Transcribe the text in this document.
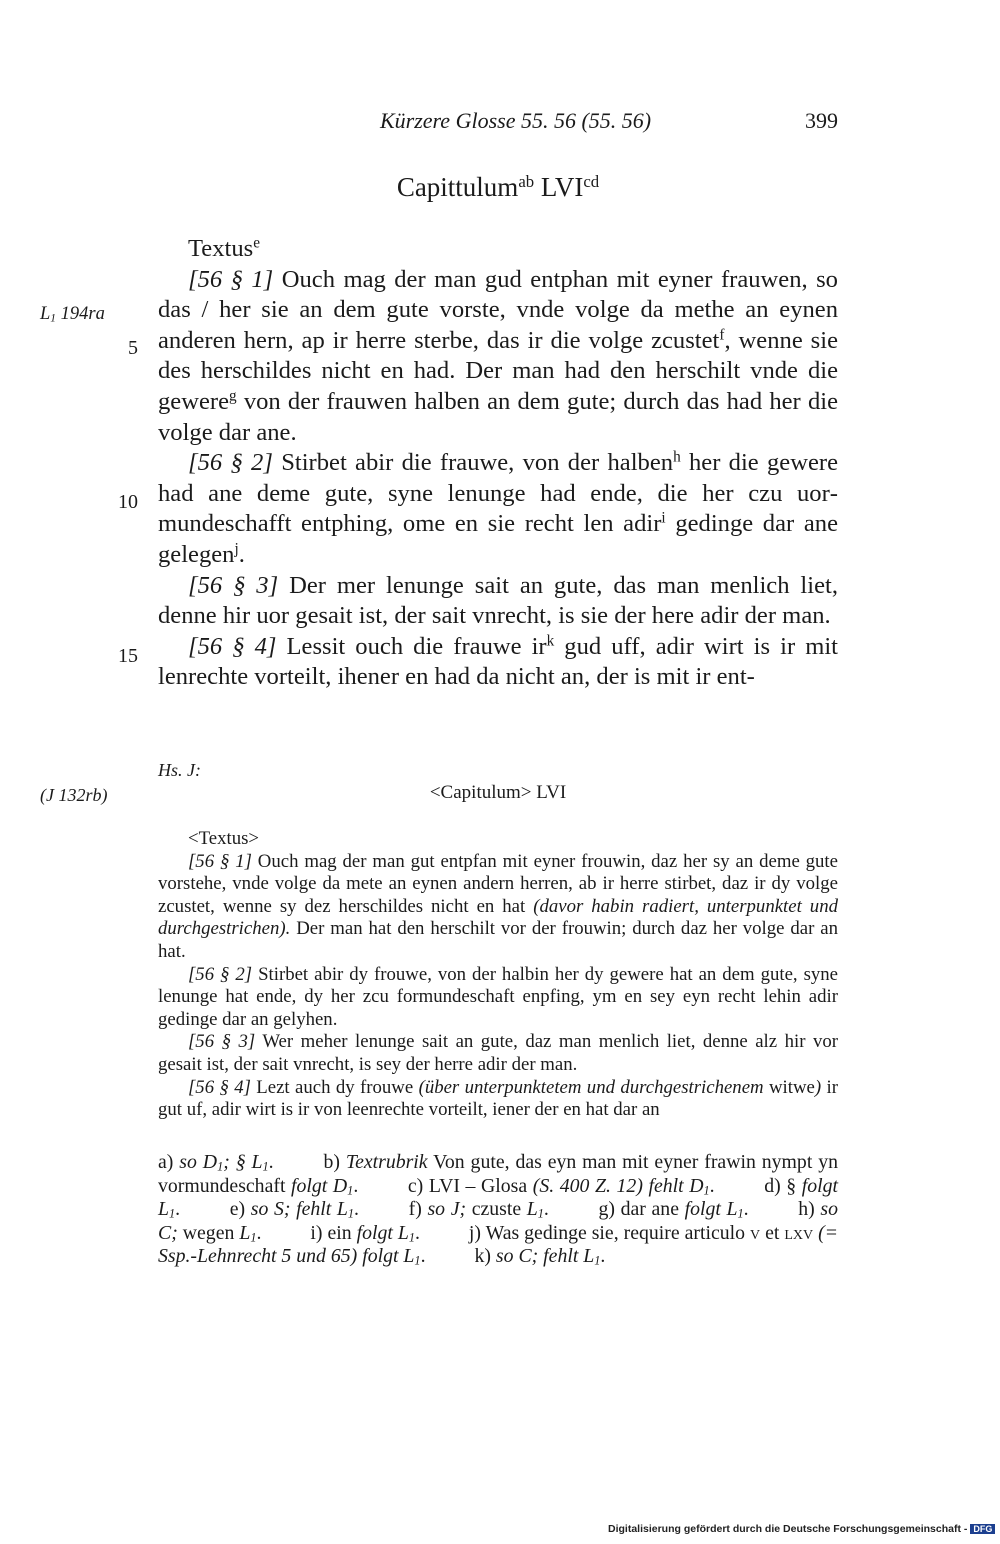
Kürzere Glosse 55. 56 (55. 56)	399
Capittulum$^{ab}$ $LVI^{cd}$
$L_1$ 194ra
5
10
15

Textus$^e$

[56 § 1] Ouch mag der man gud entphan mit eyner frauwen, so das / her sie an dem gute vorste, vnde volge da methe an eynen anderen hern, ap ir herre sterbe, das ir die volge zcustet$^f$, wenne sie des herschildes nicht en had. Der man had den herschilt vnde die gewere$^g$ von der frauwen halben an dem gute; durch das had her die volge dar ane.

[56 § 2] Stirbet abir die frauwe, von der halben$^h$ her die gewere had ane deme gute, syne lenunge had ende, die her czu uormundeschafft entphing, ome en sie recht len adir$^i$ gedinge dar ane gelegen$^j$.

[56 § 3] Der mer lenunge sait an gute, das man menlich liet, denne hir uor gesait ist, der sait vnrecht, is sie der here adir der man.

[56 § 4] Lessit ouch die frauwe $ir^k$ gud uff, adir wirt is ir mit lenrechte vorteilt, ihener en had da nicht an, der is mit ir ent-

Hs. J:
(J 132rb)	<Capitulum> LVI

<Textus>

[56 § 1] Ouch mag der man gut entpfan mit eyner frouwin, daz her sy an deme gute vorstehe, vnde volge da mete an eynen andern herren, ab ir herre stirbet, daz ir dy volge zcustet, wenne sy dez herschildes nicht en hat (davor habin radiert, unterpunktet und durchgestrichen). Der man hat den herschilt vor der frouwin; durch daz her volge dar an hat.

[56 § 2] Stirbet abir dy frouwe, von der halbin her dy gewere hat an dem gute, syne lenunge hat ende, dy her zcu formundeschaft enpfing, ym en sey eyn recht lehin adir gedinge dar an gelyhen.

[56 § 3] Wer meher lenunge sait an gute, daz man menlich liet, denne alz hir vor gesait ist, der sait vnrecht, is sey der herre adir der man.

[56 § 4] Lezt auch dy frouwe (über unterpunktetem und durchgestrichenem witwe) ir gut uf, adir wirt is ir von leenrechte vorteilt, iener der en hat dar an

a) so $D_1$; § $L_1$.	b) Textrubrik Von gute, das eyn man mit eyner frawin nympt yn vormundeschaft folgt $D_1$.	c) LVI – Glosa (S. 400 Z. 12) fehlt $D_1$.	d) § folgt $L_1$.	e) so S; fehlt $L_1$.	f) so J; czuste $L_1$.	g) dar ane folgt $L_1$.	h) so C; wegen $L_1$. i) ein folgt $L_1$. j) Was gedinge sie, require articulo v et lxv (= Ssp.-Lehnrecht 5 und 65) folgt $L_1$. k) so C; fehlt $L_1$.
Digitalisierung gefördert durch die Deutsche Forschungsgemeinschaft - DFG
